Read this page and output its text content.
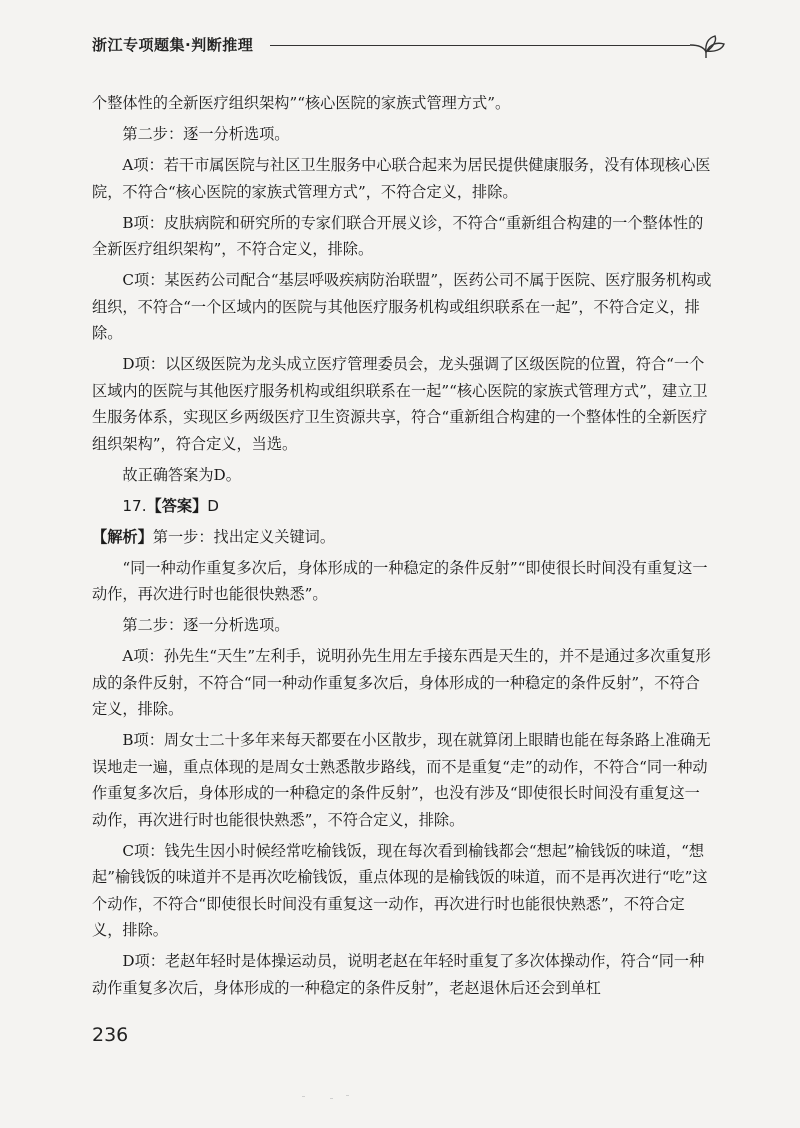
浙江专项题集·判断推理

个整体性的全新医疗组织架构”“核心医院的家族式管理方式”。

第二步：逐一分析选项。

A项：若干市属医院与社区卫生服务中心联合起来为居民提供健康服务，没有体现核心医院，不符合“核心医院的家族式管理方式”，不符合定义，排除。

B项：皮肤病院和研究所的专家们联合开展义诊，不符合“重新组合构建的一个整体性的全新医疗组织架构”，不符合定义，排除。

C项：某医药公司配合“基层呼吸疾病防治联盟”，医药公司不属于医院、医疗服务机构或组织，不符合“一个区域内的医院与其他医疗服务机构或组织联系在一起”，不符合定义，排除。

D项：以区级医院为龙头成立医疗管理委员会，龙头强调了区级医院的位置，符合“一个区域内的医院与其他医疗服务机构或组织联系在一起”“核心医院的家族式管理方式”，建立卫生服务体系，实现区乡两级医疗卫生资源共享，符合“重新组合构建的一个整体性的全新医疗组织架构”，符合定义，当选。

故正确答案为D。

17.【答案】D

【解析】第一步：找出定义关键词。

“同一种动作重复多次后，身体形成的一种稳定的条件反射”“即使很长时间没有重复这一动作，再次进行时也能很快熟悉”。

第二步：逐一分析选项。

A项：孙先生“天生”左利手，说明孙先生用左手接东西是天生的，并不是通过多次重复形成的条件反射，不符合“同一种动作重复多次后，身体形成的一种稳定的条件反射”，不符合定义，排除。

B项：周女士二十多年来每天都要在小区散步，现在就算闭上眼睛也能在每条路上准确无误地走一遍，重点体现的是周女士熟悉散步路线，而不是重复“走”的动作，不符合“同一种动作重复多次后，身体形成的一种稳定的条件反射”，也没有涉及“即使很长时间没有重复这一动作，再次进行时也能很快熟悉”，不符合定义，排除。

C项：钱先生因小时候经常吃榆钱饭，现在每次看到榆钱都会“想起”榆钱饭的味道，“想起”榆钱饭的味道并不是再次吃榆钱饭，重点体现的是榆钱饭的味道，而不是再次进行“吃”这个动作，不符合“即使很长时间没有重复这一动作，再次进行时也能很快熟悉”，不符合定义，排除。

D项：老赵年轻时是体操运动员，说明老赵在年轻时重复了多次体操动作，符合“同一种动作重复多次后，身体形成的一种稳定的条件反射”，老赵退休后还会到单杠

236
